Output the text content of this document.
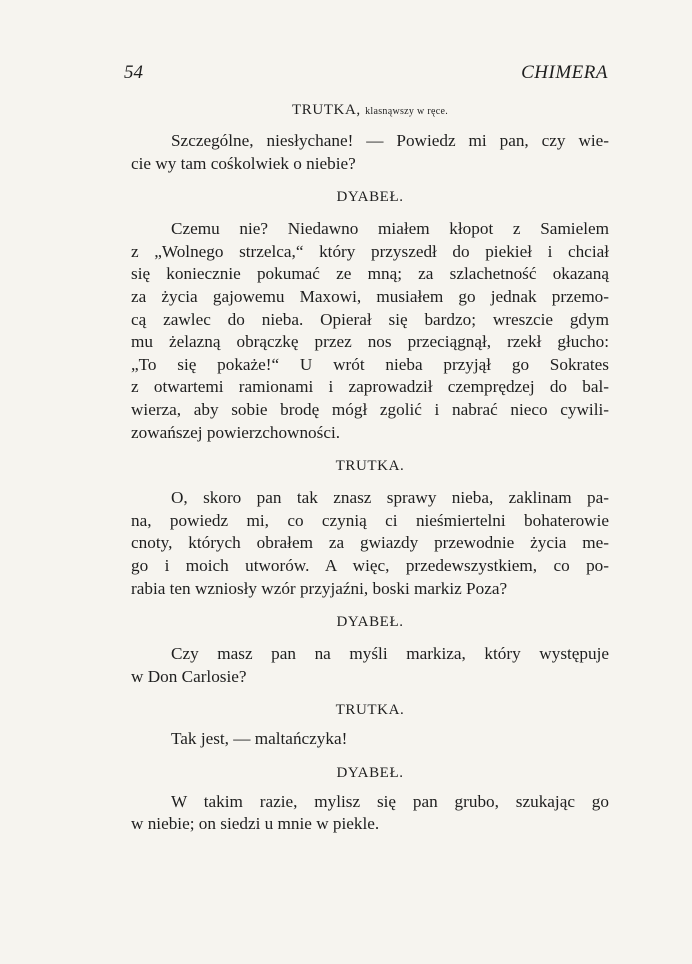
54	CHIMERA

TRUTKA, klasnąwszy w ręce.

Szczególne, niesłychane! — Powiedz mi pan, czy wie-
cie wy tam cośkolwiek o niebie?

DYABEŁ.

Czemu nie? Niedawno miałem kłopot z Samielem
z „Wolnego strzelca,“ który przyszedł do piekieł i chciał
się koniecznie pokumać ze mną; za szlachetność okazaną
za życia gajowemu Maxowi, musiałem go jednak przemo-
cą zawlec do nieba. Opierał się bardzo; wreszcie gdym
mu żelazną obrączkę przez nos przeciągnął, rzekł głucho:
„To się pokaże!“ U wrót nieba przyjął go Sokrates
z otwartemi ramionami i zaprowadził czemprędzej do bal-
wierza, aby sobie brodę mógł zgolić i nabrać nieco cywili-
zowańszej powierzchowności.

TRUTKA.

O, skoro pan tak znasz sprawy nieba, zaklinam pa-
na, powiedz mi, co czynią ci nieśmiertelni bohaterowie
cnoty, których obrałem za gwiazdy przewodnie życia me-
go i moich utworów. A więc, przedewszystkiem, co po-
rabia ten wzniosły wzór przyjaźni, boski markiz Poza?

DYABEŁ.

Czy masz pan na myśli markiza, który występuje
w Don Carlosie?

TRUTKA.

Tak jest, — maltańczyka!

DYABEŁ.

W takim razie, mylisz się pan grubo, szukając go
w niebie; on siedzi u mnie w piekle.
